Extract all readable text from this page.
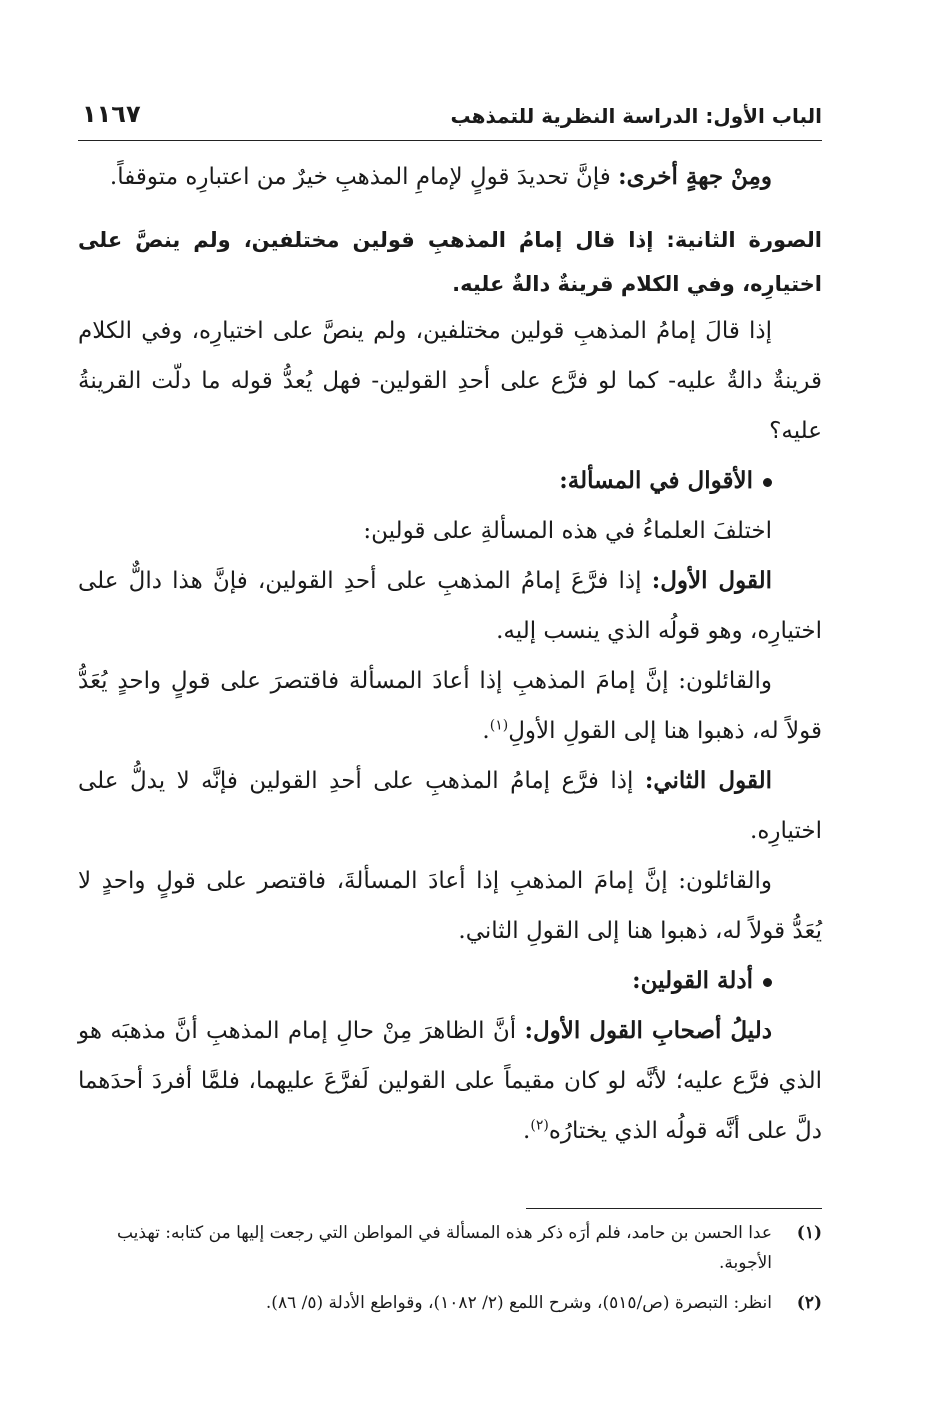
الباب الأول: الدراسة النظرية للتمذهب
١١٦٧

ومِنْ جهةٍ أخرى: فإنَّ تحديدَ قولٍ لإمامِ المذهبِ خيرٌ من اعتبارِه متوقفاً.

الصورة الثانية: إذا قال إمامُ المذهبِ قولين مختلفين، ولم ينصَّ على اختيارِه، وفي الكلام قرينةٌ دالةٌ عليه.

إذا قالَ إمامُ المذهبِ قولين مختلفين، ولم ينصَّ على اختيارِه، وفي الكلام قرينةٌ دالةٌ عليه- كما لو فرَّع على أحدِ القولين- فهل يُعدُّ قوله ما دلّت القرينةُ عليه؟

الأقوال في المسألة:

اختلفَ العلماءُ في هذه المسألةِ على قولين:

القول الأول: إذا فرَّعَ إمامُ المذهبِ على أحدِ القولين، فإنَّ هذا دالٌّ على اختيارِه، وهو قولُه الذي ينسب إليه.

والقائلون: إنَّ إمامَ المذهبِ إذا أعادَ المسألة فاقتصرَ على قولٍ واحدٍ يُعَدُّ قولاً له، ذهبوا هنا إلى القولِ الأولِ$^{(١)}$.

القول الثاني: إذا فرَّع إمامُ المذهبِ على أحدِ القولين فإنَّه لا يدلُّ على اختيارِه.

والقائلون: إنَّ إمامَ المذهبِ إذا أعادَ المسألةَ، فاقتصر على قولٍ واحدٍ لا يُعَدُّ قولاً له، ذهبوا هنا إلى القولِ الثاني.

أدلة القولين:

دليلُ أصحابِ القول الأول: أنَّ الظاهرَ مِنْ حالِ إمام المذهبِ أنَّ مذهبَه هو الذي فرَّع عليه؛ لأنَّه لو كان مقيماً على القولين لَفرَّعَ عليهما، فلمَّا أفردَ أحدَهما دلَّ على أنَّه قولُه الذي يختارُه$^{(٢)}$.

(١)
عدا الحسن بن حامد، فلم أرَه ذكر هذه المسألة في المواطن التي رجعت إليها من كتابه: تهذيب الأجوبة.
(٢)
انظر: التبصرة (ص/٥١٥)، وشرح اللمع (٢/ ١٠٨٢)، وقواطع الأدلة (٥/ ٨٦).
